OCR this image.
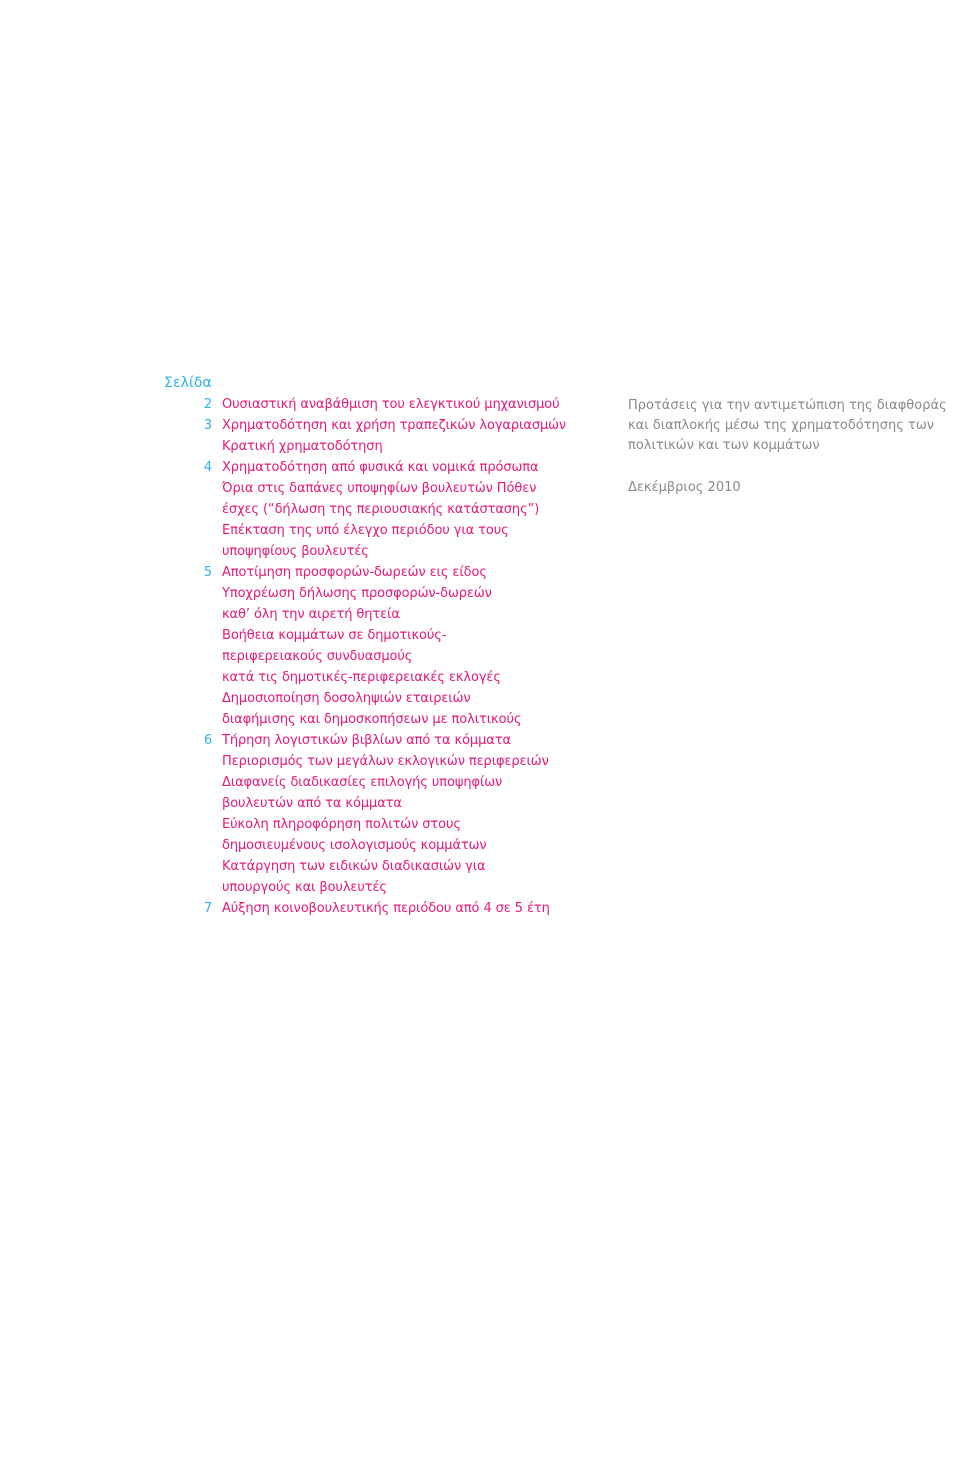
Σελίδα
2 Ουσιαστική αναβάθμιση του ελεγκτικού μηχανισμού
3 Χρηματοδότηση και χρήση τραπεζικών λογαριασμών
Κρατική χρηματοδότηση
4 Χρηματοδότηση από φυσικά και νομικά πρόσωπα
Όρια στις δαπάνες υποψηφίων βουλευτών Πόθεν
έσχες (“δήλωση της περιουσιακής κατάστασης”)
Επέκταση της υπό έλεγχο περιόδου για τους
υποψηφίους βουλευτές
5 Αποτίμηση προσφορών-δωρεών εις είδος
Υποχρέωση δήλωσης προσφορών-δωρεών
καθ’ όλη την αιρετή θητεία
Βοήθεια κομμάτων σε δημοτικούς-
περιφερειακούς συνδυασμούς
κατά τις δημοτικές-περιφερειακές εκλογές
Δημοσιοποίηση δοσοληψιών εταιρειών
διαφήμισης και δημοσκοπήσεων με πολιτικούς
6 Τήρηση λογιστικών βιβλίων από τα κόμματα
Περιορισμός των μεγάλων εκλογικών περιφερειών
Διαφανείς διαδικασίες επιλογής υποψηφίων
βουλευτών από τα κόμματα
Εύκολη πληροφόρηση πολιτών στους
δημοσιευμένους ισολογισμούς κομμάτων
Κατάργηση των ειδικών διαδικασιών για
υπουργούς και βουλευτές
7 Αύξηση κοινοβουλευτικής περιόδου από 4 σε 5 έτη
Προτάσεις για την αντιμετώπιση της διαφθοράς
και διαπλοκής μέσω της χρηματοδότησης των
πολιτικών και των κομμάτων
Δεκέμβριος 2010
